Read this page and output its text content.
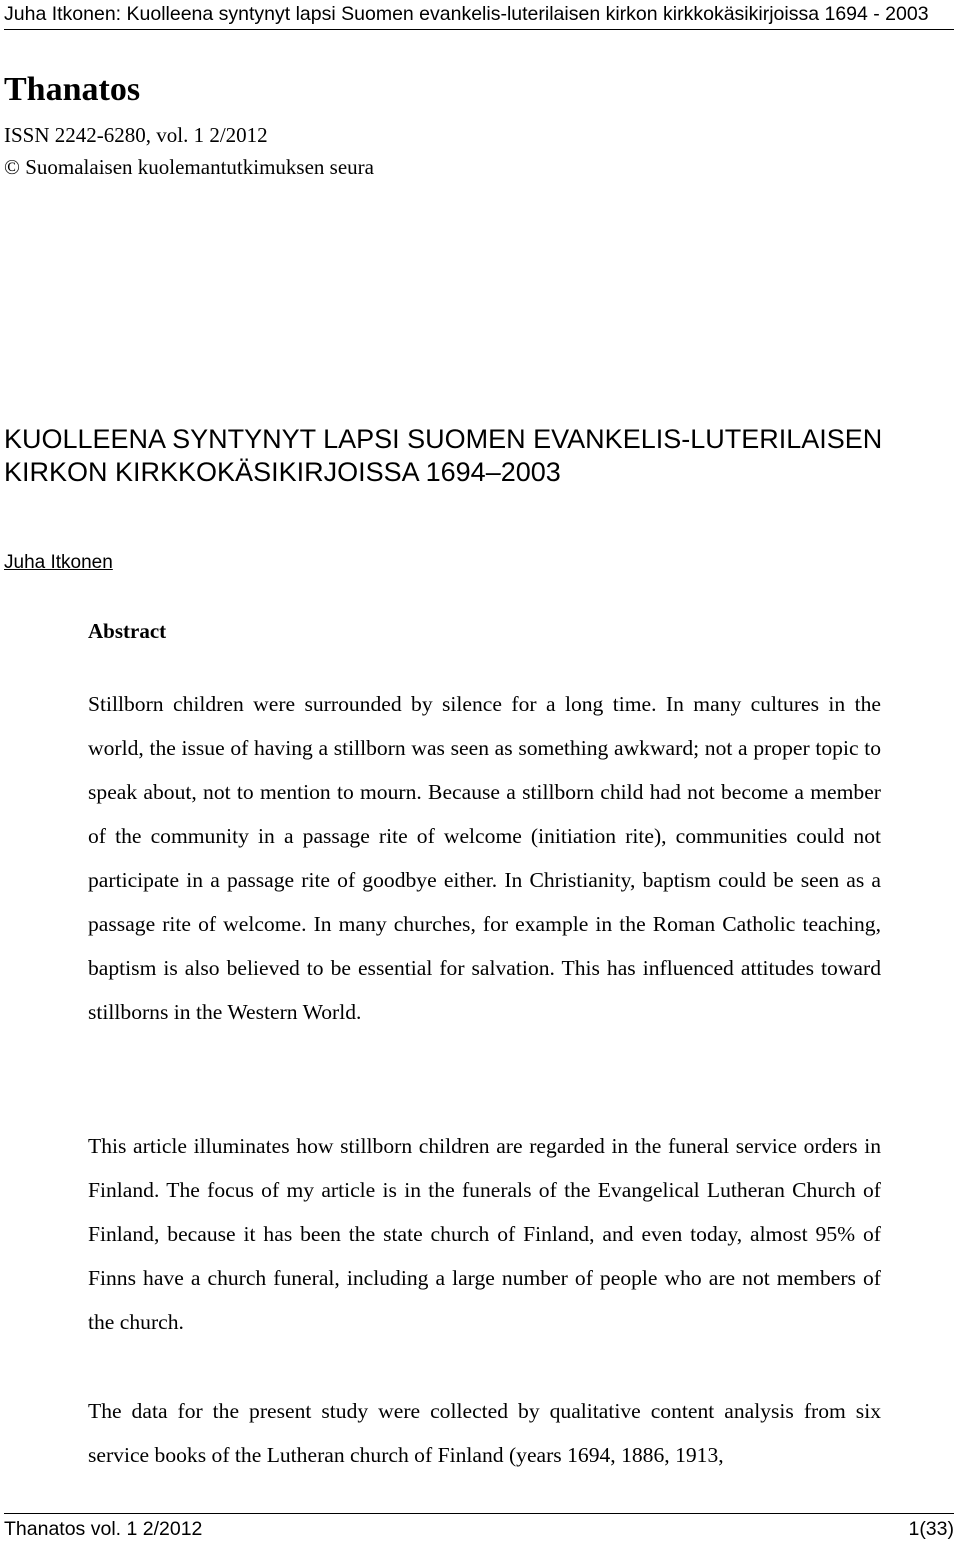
Juha Itkonen: Kuolleena syntynyt lapsi Suomen evankelis-luterilaisen kirkon kirkkokäsikirjoissa 1694 - 2003
Thanatos
ISSN 2242-6280, vol. 1 2/2012
© Suomalaisen kuolemantutkimuksen seura
KUOLLEENA SYNTYNYT LAPSI SUOMEN EVANKELIS-LUTERILAISEN
KIRKON KIRKKOKÄSIKIRJOISSA 1694–2003
Juha Itkonen
Abstract

Stillborn children were surrounded by silence for a long time. In many cultures in the world, the issue of having a stillborn was seen as something awkward; not a proper topic to speak about, not to mention to mourn. Because a stillborn child had not become a member of the community in a passage rite of welcome (initiation rite), communities could not participate in a passage rite of goodbye either. In Christianity, baptism could be seen as a passage rite of welcome. In many churches, for example in the Roman Catholic teaching, baptism is also believed to be essential for salvation. This has influenced attitudes toward stillborns in the Western World.

This article illuminates how stillborn children are regarded in the funeral service orders in Finland. The focus of my article is in the funerals of the Evangelical Lutheran Church of Finland, because it has been the state church of Finland, and even today, almost 95% of Finns have a church funeral, including a large number of people who are not members of the church.

The data for the present study were collected by qualitative content analysis from six service books of the Lutheran church of Finland (years 1694, 1886, 1913,

Thanatos vol. 1 2/2012	1(33)
